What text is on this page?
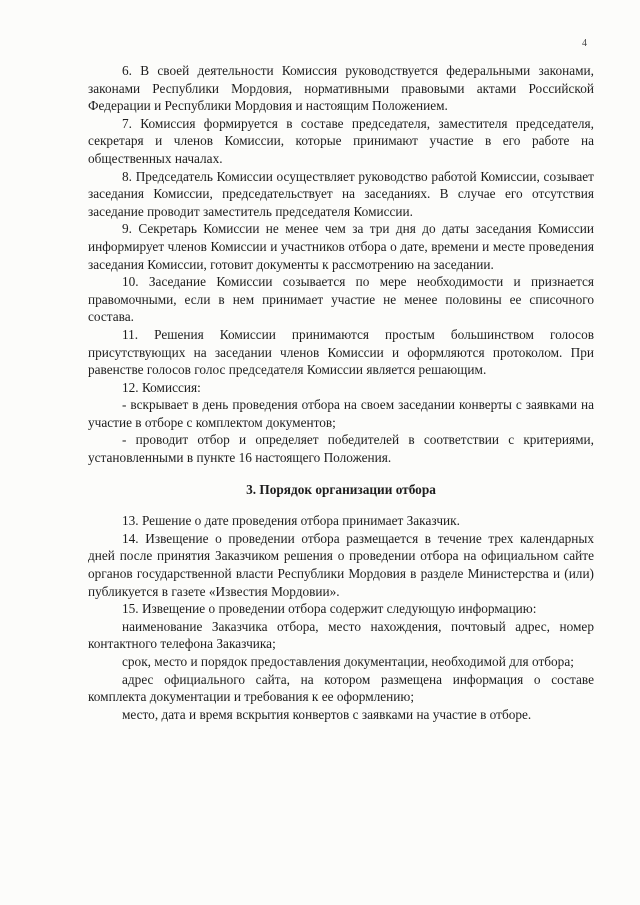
4

6. В своей деятельности Комиссия руководствуется федеральными законами, законами Республики Мордовия, нормативными правовыми актами Российской Федерации и Республики Мордовия и настоящим Положением.

7. Комиссия формируется в составе председателя, заместителя председателя, секретаря и членов Комиссии, которые принимают участие в его работе на общественных началах.

8. Председатель Комиссии осуществляет руководство работой Комиссии, созывает заседания Комиссии, председательствует на заседаниях. В случае его отсутствия заседание проводит заместитель председателя Комиссии.

9. Секретарь Комиссии не менее чем за три дня до даты заседания Комиссии информирует членов Комиссии и участников отбора о дате, времени и месте проведения заседания Комиссии, готовит документы к рассмотрению на заседании.

10. Заседание Комиссии созывается по мере необходимости и признается правомочными, если в нем принимает участие не менее половины ее списочного состава.

11. Решения Комиссии принимаются простым большинством голосов присутствующих на заседании членов Комиссии и оформляются протоколом. При равенстве голосов голос председателя Комиссии является решающим.

12. Комиссия:

- вскрывает в день проведения отбора на своем заседании конверты с заявками на участие в отборе с комплектом документов;

- проводит отбор и определяет победителей в соответствии с критериями, установленными в пункте 16 настоящего Положения.

3. Порядок организации отбора

13. Решение о дате проведения отбора принимает Заказчик.

14. Извещение о проведении отбора размещается в течение трех календарных дней после принятия Заказчиком решения о проведении отбора на официальном сайте органов государственной власти Республики Мордовия в разделе Министерства и (или) публикуется в газете «Известия Мордовии».

15. Извещение о проведении отбора содержит следующую информацию:

наименование Заказчика отбора, место нахождения, почтовый адрес, номер контактного телефона Заказчика;

срок, место и порядок предоставления документации, необходимой для отбора;

адрес официального сайта, на котором размещена информация о составе комплекта документации и требования к ее оформлению;

место, дата и время вскрытия конвертов с заявками на участие в отборе.
